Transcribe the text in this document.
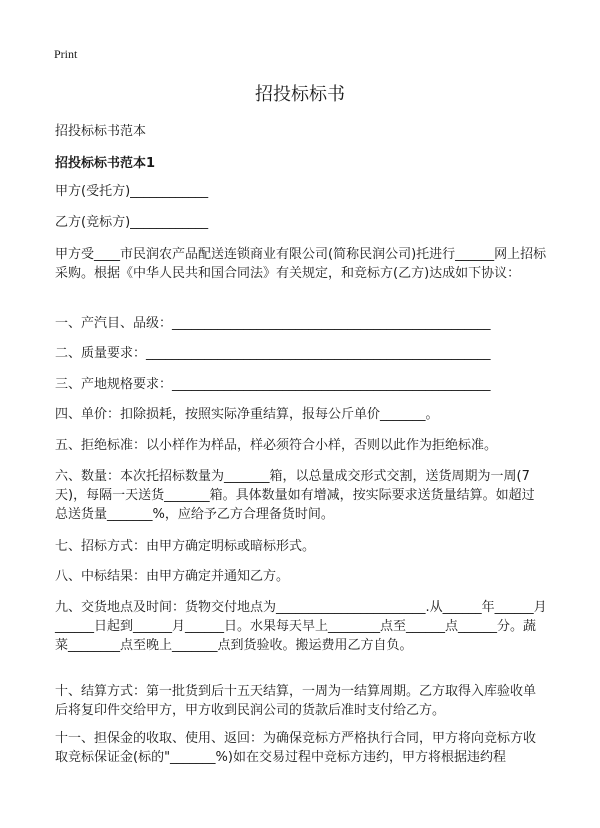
Print
招投标标书
招投标标书范本
招投标标书范本1
甲方(受托方)____________
乙方(竞标方)____________
甲方受____市民润农产品配送连锁商业有限公司(简称民润公司)托进行______网上招标采购。根据《中华人民共和国合同法》有关规定，和竞标方(乙方)达成如下协议：
一、产汽目、品级：_________________________________________________
二、质量要求：_____________________________________________________
三、产地规格要求：_________________________________________________
四、单价：扣除损耗，按照实际净重结算，报每公斤单价_______。
五、拒绝标准：以小样作为样品，样必须符合小样，否则以此作为拒绝标准。
六、数量：本次托招标数量为_______箱，以总量成交形式交割，送货周期为一周(7天)，每隔一天送货_______箱。具体数量如有增减，按实际要求送货量结算。如超过总送货量_______%，应给予乙方合理备货时间。
七、招标方式：由甲方确定明标或暗标形式。
八、中标结果：由甲方确定并通知乙方。
九、交货地点及时间：货物交付地点为_______________________.从______年______月______日起到______月______日。水果每天早上________点至______点______分。蔬菜________点至晚上_______点到货验收。搬运费用乙方自负。
十、结算方式：第一批货到后十五天结算，一周为一结算周期。乙方取得入库验收单后将复印件交给甲方，甲方收到民润公司的货款后准时支付给乙方。
十一、担保金的收取、使用、返回：为确保竞标方严格执行合同，甲方将向竞标方收取竞标保证金(标的"_______%)如在交易过程中竞标方违约，甲方将根据违约程
